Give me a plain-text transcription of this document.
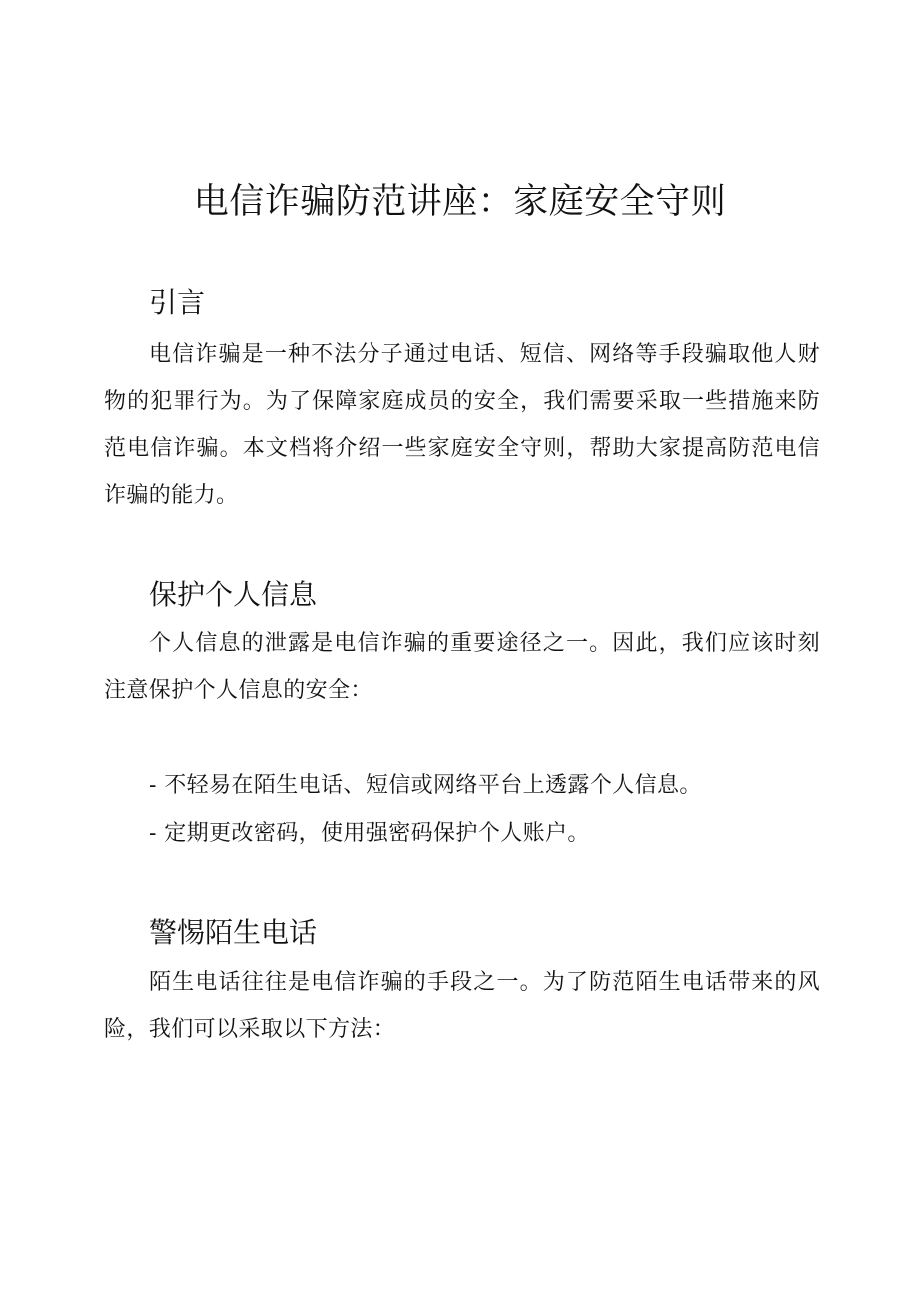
电信诈骗防范讲座：家庭安全守则
引言

电信诈骗是一种不法分子通过电话、短信、网络等手段骗取他人财物的犯罪行为。为了保障家庭成员的安全，我们需要采取一些措施来防范电信诈骗。本文档将介绍一些家庭安全守则，帮助大家提高防范电信诈骗的能力。

保护个人信息

个人信息的泄露是电信诈骗的重要途径之一。因此，我们应该时刻注意保护个人信息的安全：

- 不轻易在陌生电话、短信或网络平台上透露个人信息。

- 定期更改密码，使用强密码保护个人账户。

警惕陌生电话

陌生电话往往是电信诈骗的手段之一。为了防范陌生电话带来的风险，我们可以采取以下方法：
